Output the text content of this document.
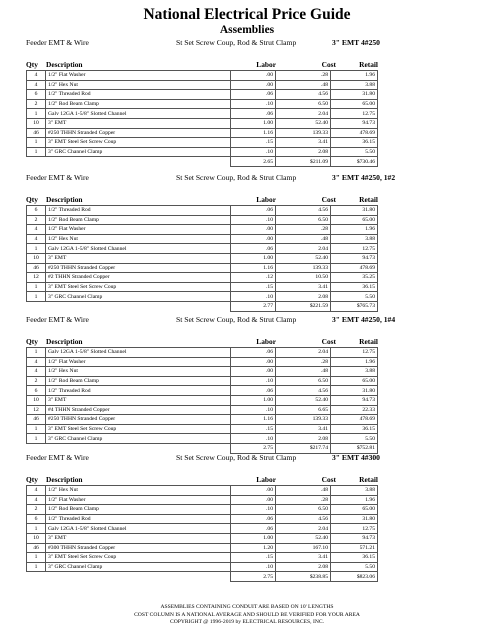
National Electrical Price Guide
Assemblies
Feeder EMT & Wire	St Set Screw Coup, Rod & Strut Clamp	3" EMT 4#250
Qty Description	Labor	Cost	Retail
4	1/2" Flat Washer	.00	.28	1.96
4	1/2" Hex Nut	.00	.48	3.88
6	1/2" Threaded Rod	.06	4.56	31.80
2	1/2" Rod Beam Clamp	.10	6.50	65.00
1	Galv 12GA 1-5/8" Slotted Channel	.06	2.04	12.75
10	3" EMT	1.00	52.40	94.73
46	#250 THHN Stranded Copper	1.16	139.33	478.69
1	3" EMT Steel Set Screw Coup	.15	3.41	36.15
1	3" GRC Channel Clamp	.10	2.08	5.50
		2.65	$211.09	$730.46
Feeder EMT & Wire	St Set Screw Coup, Rod & Strut Clamp	3" EMT 4#250, 1#2
Qty Description	Labor	Cost	Retail
6	1/2" Threaded Rod	.06	4.56	31.80
2	1/2" Rod Beam Clamp	.10	6.50	65.00
4	1/2" Flat Washer	.00	.28	1.96
4	1/2" Hex Nut	.00	.48	3.88
1	Galv 12GA 1-5/8" Slotted Channel	.06	2.04	12.75
10	3" EMT	1.00	52.40	94.73
46	#250 THHN Stranded Copper	1.16	139.33	478.69
12	#2 THHN Stranded Copper	.12	10.50	35.25
1	3" EMT Steel Set Screw Coup	.15	3.41	36.15
1	3" GRC Channel Clamp	.10	2.08	5.50
		2.77	$221.59	$765.73
Feeder EMT & Wire	St Set Screw Coup, Rod & Strut Clamp	3" EMT 4#250, 1#4
Qty Description	Labor	Cost	Retail
1	Galv 12GA 1-5/8" Slotted Channel	.06	2.04	12.75
4	1/2" Flat Washer	.00	.28	1.96
4	1/2" Hex Nut	.00	.48	3.88
2	1/2" Rod Beam Clamp	.10	6.50	65.00
6	1/2" Threaded Rod	.06	4.56	31.80
10	3" EMT	1.00	52.40	94.73
12	#4 THHN Stranded Copper	.10	6.65	22.33
46	#250 THHN Stranded Copper	1.16	139.33	478.69
1	3" EMT Steel Set Screw Coup	.15	3.41	36.15
1	3" GRC Channel Clamp	.10	2.08	5.50
		2.75	$217.74	$752.81
Feeder EMT & Wire	St Set Screw Coup, Rod & Strut Clamp	3" EMT 4#300
Qty Description	Labor	Cost	Retail
4	1/2" Hex Nut	.00	.48	3.88
4	1/2" Flat Washer	.00	.28	1.96
2	1/2" Rod Beam Clamp	.10	6.50	65.00
6	1/2" Threaded Rod	.06	4.56	31.80
1	Galv 12GA 1-5/8" Slotted Channel	.06	2.04	12.75
10	3" EMT	1.00	52.40	94.73
46	#300 THHN Stranded Copper	1.20	167.10	571.21
1	3" EMT Steel Set Screw Coup	.15	3.41	36.15
1	3" GRC Channel Clamp	.10	2.08	5.50
		2.75	$238.85	$823.06
ASSEMBLIES CONTAINING CONDUIT ARE BASED ON 10' LENGTHS
COST COLUMN IS A NATIONAL AVERAGE AND SHOULD BE VERIFIED FOR YOUR AREA
COPYRIGHT @ 1996-2019 by ELECTRICAL RESOURCES, INC.
